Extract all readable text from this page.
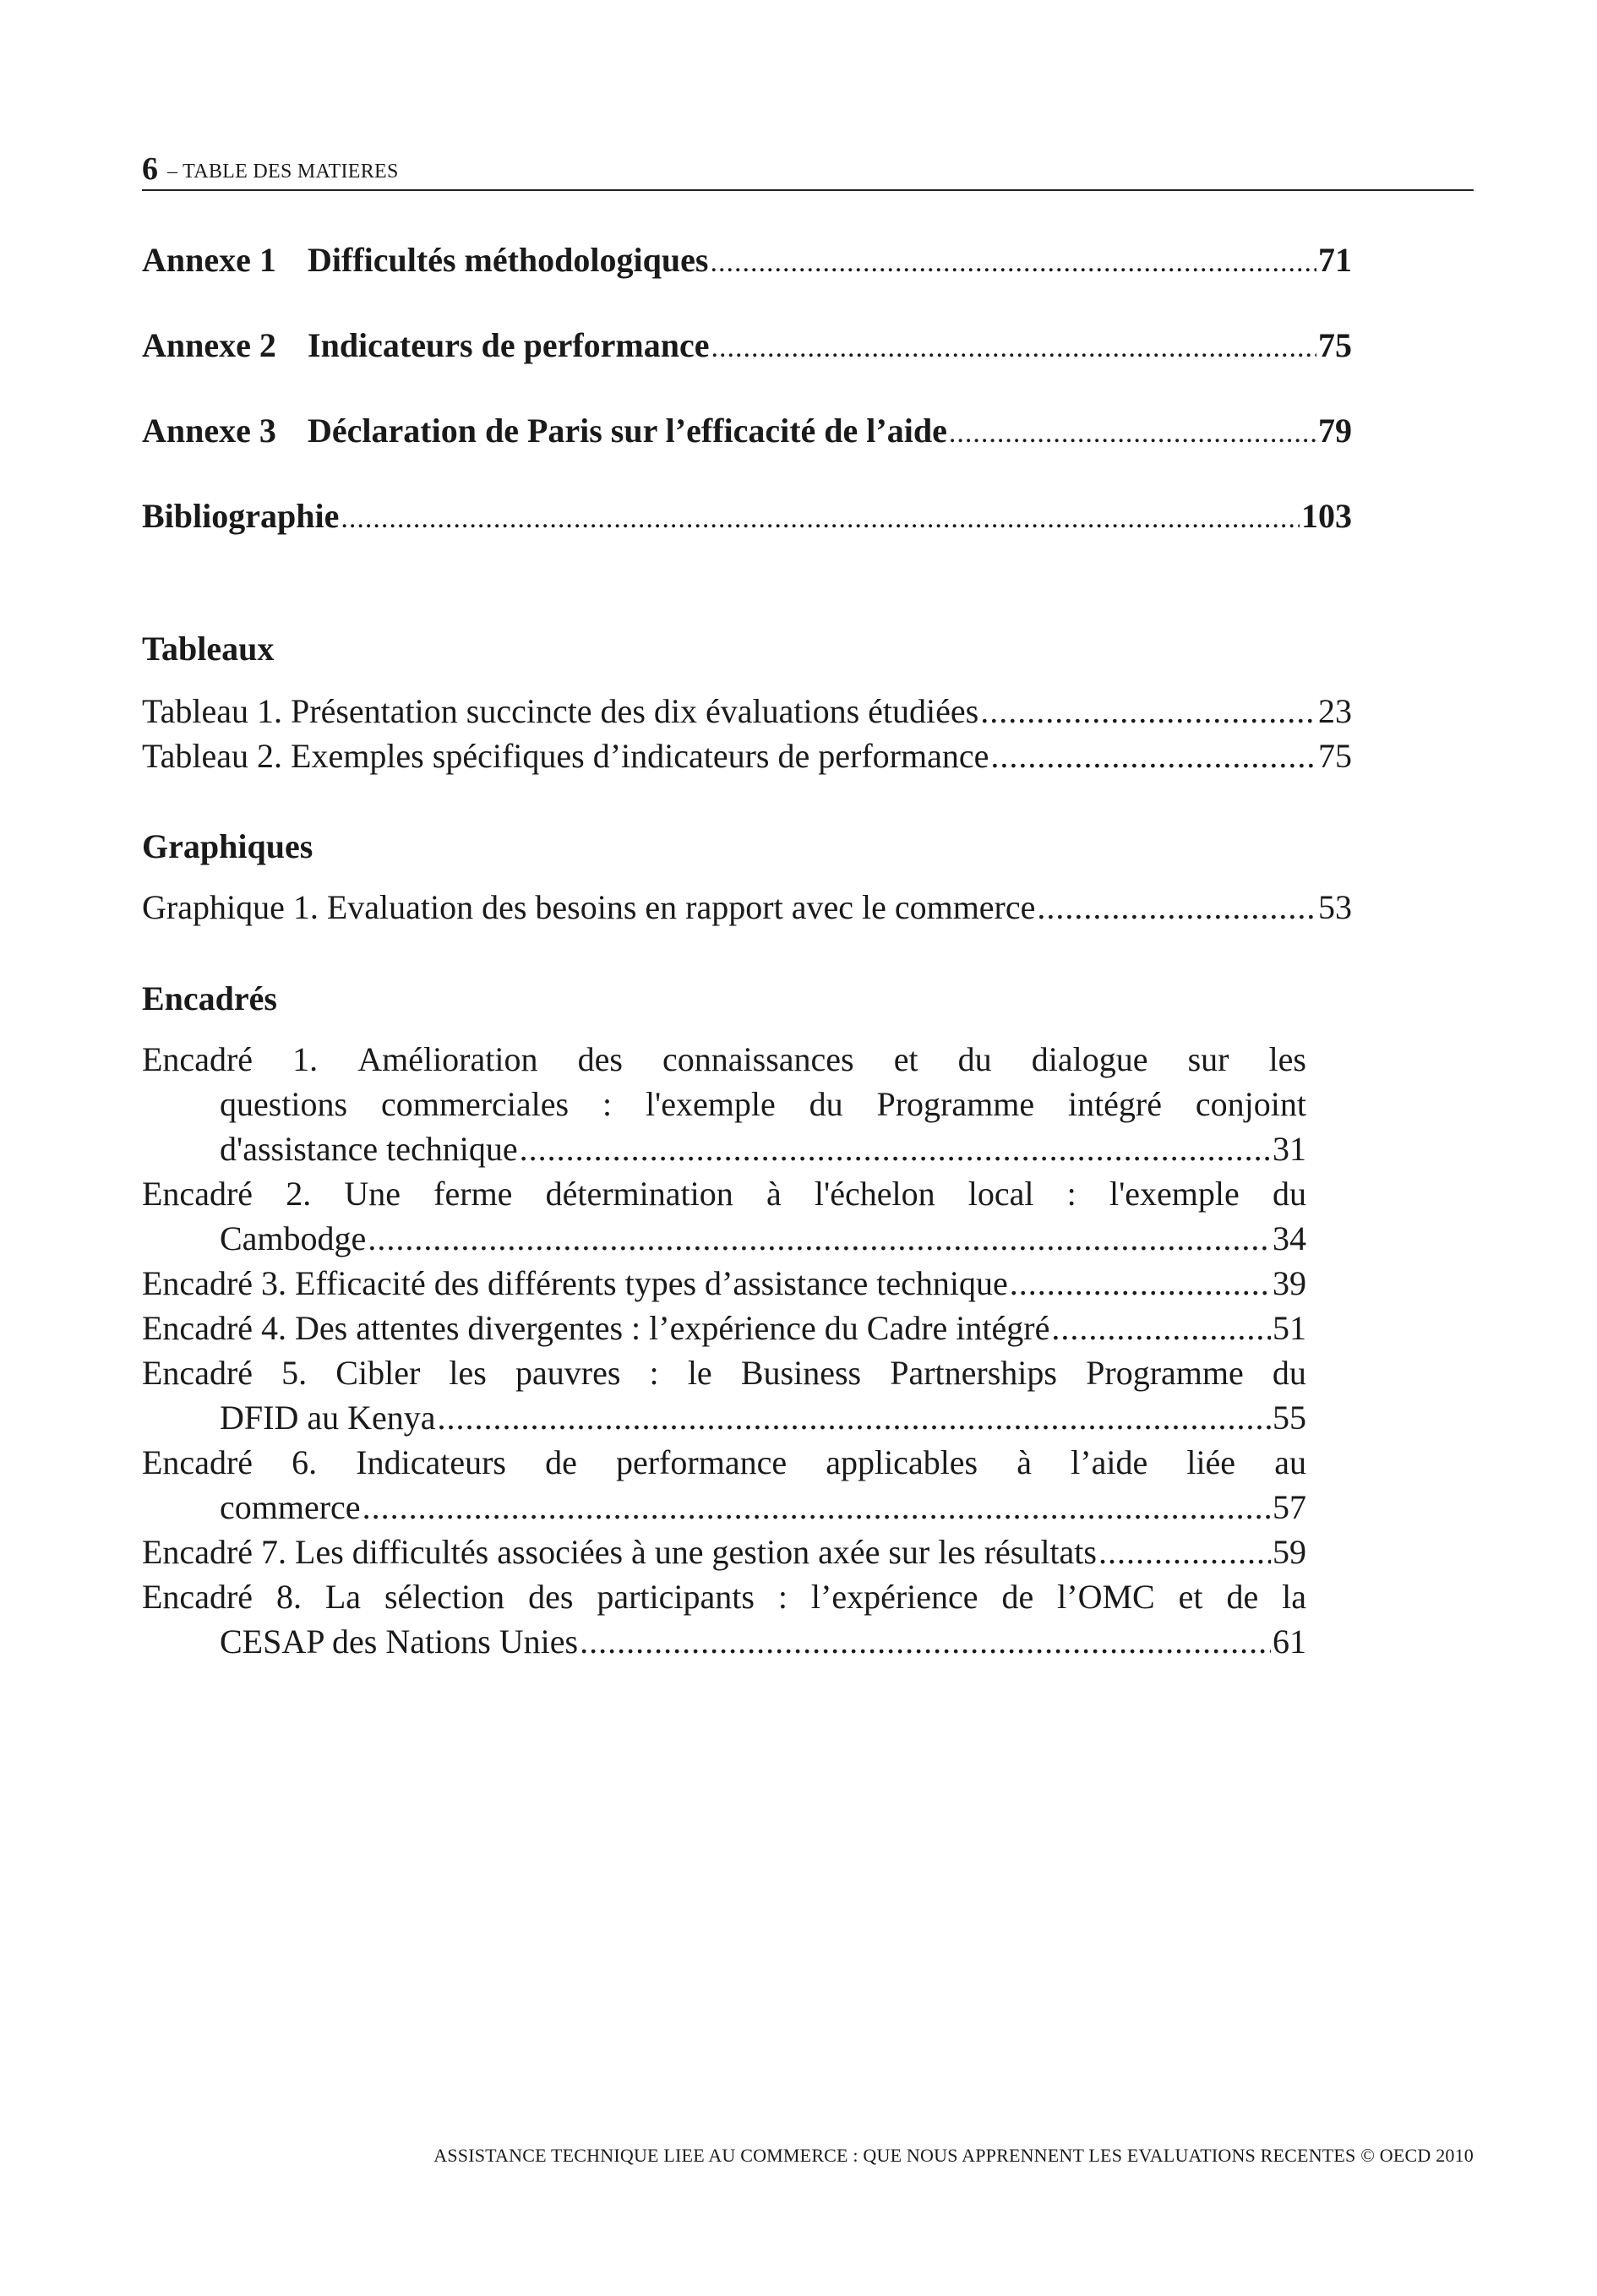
6 – TABLE DES MATIERES
Annexe 1 Difficultés méthodologiques .....	71
Annexe 2 Indicateurs de performance .....	75
Annexe 3 Déclaration de Paris sur l’efficacité de l’aide .....	79
Bibliographie .....	103
Tableaux
Tableau 1. Présentation succincte des dix évaluations étudiées .....	23
Tableau 2. Exemples spécifiques d’indicateurs de performance .....	75
Graphiques
Graphique 1. Evaluation des besoins en rapport avec le commerce .....	53
Encadrés
Encadré 1. Amélioration des connaissances et du dialogue sur les
questions commerciales : l'exemple du Programme intégré conjoint
d'assistance technique .....	31
Encadré 2. Une ferme détermination à l'échelon local : l'exemple du
Cambodge .....	34
Encadré 3. Efficacité des différents types d’assistance technique .....	39
Encadré 4. Des attentes divergentes : l’expérience du Cadre intégré .....	51
Encadré 5. Cibler les pauvres : le Business Partnerships Programme du
DFID au Kenya .....	55
Encadré 6. Indicateurs de performance applicables à l’aide liée au
commerce .....	57
Encadré 7. Les difficultés associées à une gestion axée sur les résultats .....	59
Encadré 8. La sélection des participants : l’expérience de l’OMC et de la
CESAP des Nations Unies .....	61
ASSISTANCE TECHNIQUE LIEE AU COMMERCE : QUE NOUS APPRENNENT LES EVALUATIONS RECENTES © OECD 2010
